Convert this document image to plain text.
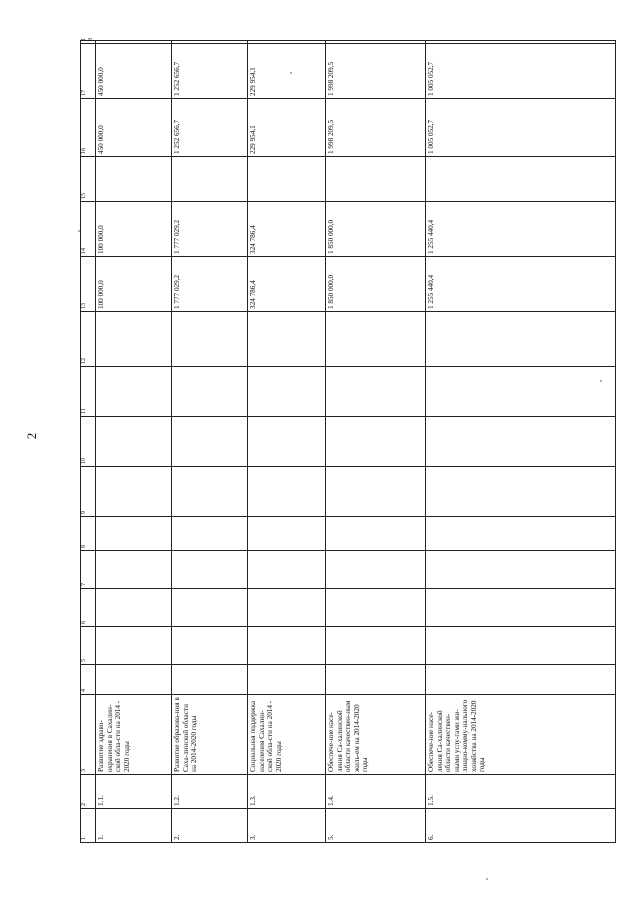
2
1	2	3	4	5	6	7	8	9	10	11	12	13	14	15	16	17	18
1.	1.1.	Развитие здраво-охранения в Сахалин-ской обла-сти на 2014 - 2020 годы										100 000,0	100 000,0		450 000,0	450 000,0	
2.	1.2.	Развитие образова-ния в Саха-линской области на 2014-2020 годы										1 777 029,2	1 777 029,2		1 252 656,7	1 252 656,7	
3.	1.3.	Социальная поддержка населения Сахалин-ской обла-сти на 2014 - 2020 годы										324 786,4	324 786,4		229 954,1	229 954,1	
5.	1.4.	Обеспече-ние насе-ления Са-халинской области качествен-ным жиль-ем на 2014-2020 годы										1 850 000,0	1 850 000,0		1 998 209,5	1 998 209,5	
6.	1.5.	Обеспече-ние насе-ления Са-халинской области качествен-ными услу-гами жи-лищно-комму-нального хозяйства на 2014-2020 годы										1 255 440,4	1 255 440,4		1 005 052,7	1 005 052,7	
